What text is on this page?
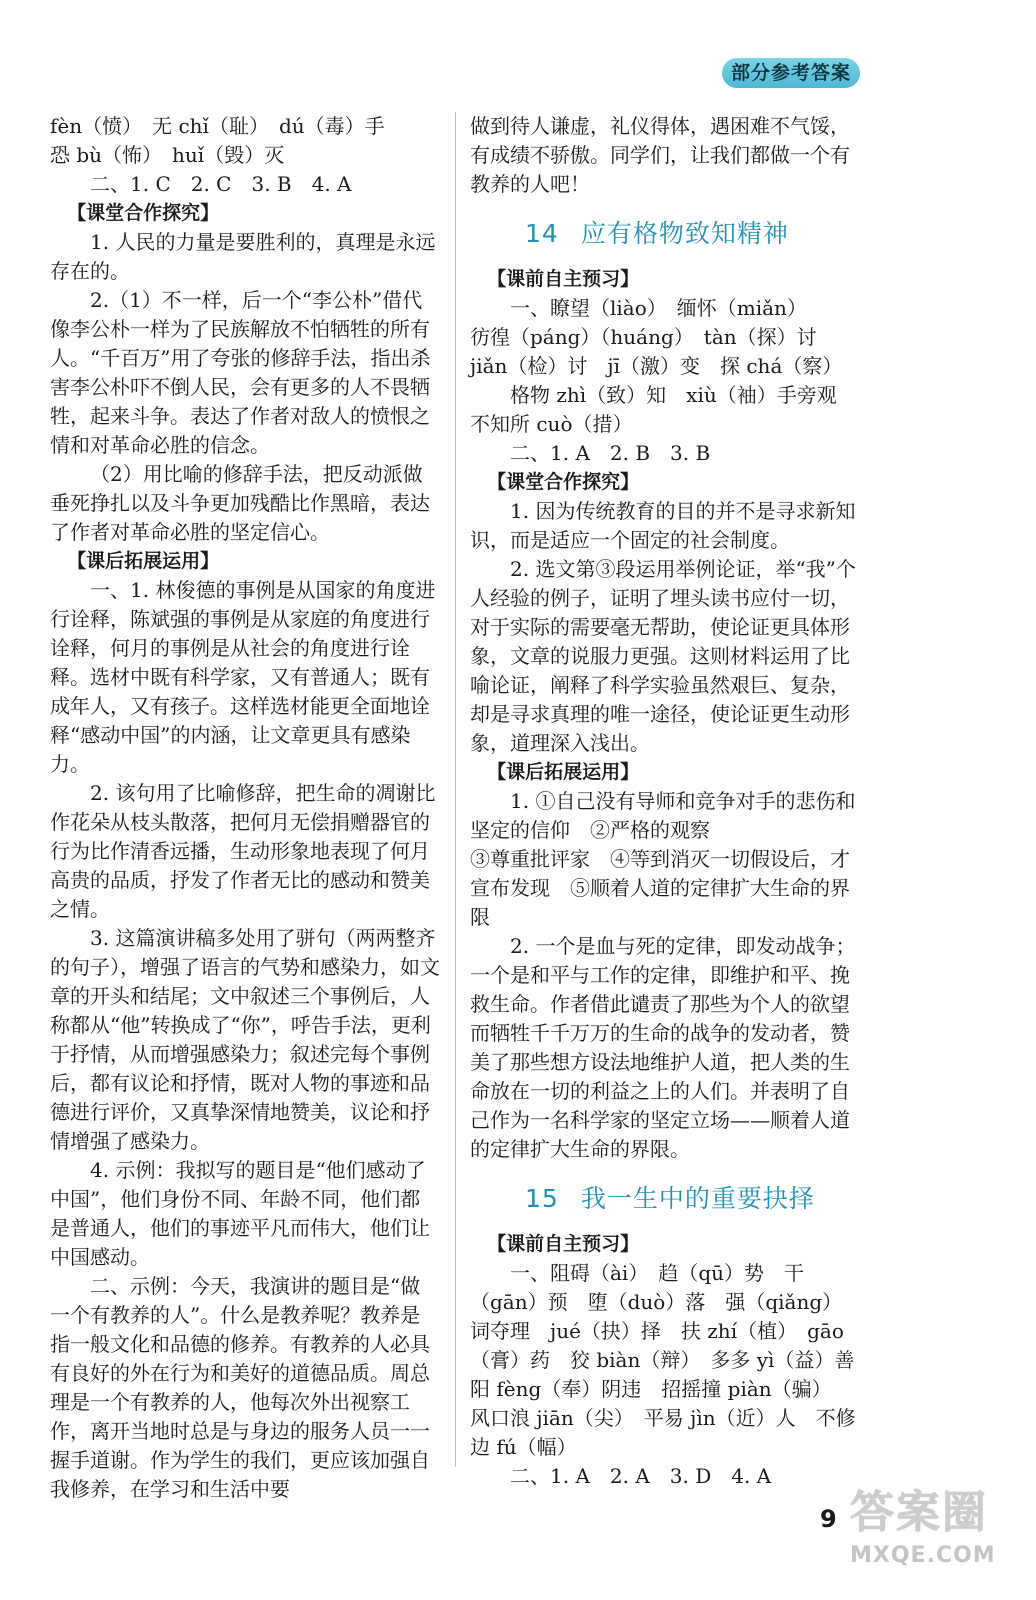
部分参考答案

fèn（愤）　无 chǐ（耻）　dú（毒）手

恐 bù（怖）　huǐ（毁）灭

二、1. C　2. C　3. B　4. A

【课堂合作探究】

1. 人民的力量是要胜利的，真理是永远存在的。

2.（1）不一样，后一个“李公朴”借代像李公朴一样为了民族解放不怕牺牲的所有人。“千百万”用了夸张的修辞手法，指出杀害李公朴吓不倒人民，会有更多的人不畏牺牲，起来斗争。表达了作者对敌人的愤恨之情和对革命必胜的信念。

（2）用比喻的修辞手法，把反动派做垂死挣扎以及斗争更加残酷比作黑暗，表达了作者对革命必胜的坚定信心。

【课后拓展运用】

一、1. 林俊德的事例是从国家的角度进行诠释，陈斌强的事例是从家庭的角度进行诠释，何月的事例是从社会的角度进行诠释。选材中既有科学家，又有普通人；既有成年人，又有孩子。这样选材能更全面地诠释“感动中国”的内涵，让文章更具有感染力。

2. 该句用了比喻修辞，把生命的凋谢比作花朵从枝头散落，把何月无偿捐赠器官的行为比作清香远播，生动形象地表现了何月高贵的品质，抒发了作者无比的感动和赞美之情。

3. 这篇演讲稿多处用了骈句（两两整齐的句子），增强了语言的气势和感染力，如文章的开头和结尾；文中叙述三个事例后，人称都从“他”转换成了“你”，呼告手法，更利于抒情，从而增强感染力；叙述完每个事例后，都有议论和抒情，既对人物的事迹和品德进行评价，又真挚深情地赞美，议论和抒情增强了感染力。

4. 示例：我拟写的题目是“他们感动了中国”，他们身份不同、年龄不同，他们都是普通人，他们的事迹平凡而伟大，他们让中国感动。

二、示例：今天，我演讲的题目是“做一个有教养的人”。什么是教养呢？教养是指一般文化和品德的修养。有教养的人必具有良好的外在行为和美好的道德品质。周总理是一个有教养的人，他每次外出视察工作，离开当地时总是与身边的服务人员一一握手道谢。作为学生的我们，更应该加强自我修养，在学习和生活中要

做到待人谦虚，礼仪得体，遇困难不气馁，有成绩不骄傲。同学们，让我们都做一个有教养的人吧！

14 应有格物致知精神

【课前自主预习】

一、瞭望（liào）　缅怀（miǎn）

彷徨（páng）（huáng）　tàn（探）讨

jiǎn（检）讨　jī（激）变　探 chá（察）

格物 zhì（致）知　xiù（袖）手旁观　不知所 cuò（措）

二、1. A　2. B　3. B

【课堂合作探究】

1. 因为传统教育的目的并不是寻求新知识，而是适应一个固定的社会制度。

2. 选文第③段运用举例论证，举“我”个人经验的例子，证明了埋头读书应付一切，对于实际的需要毫无帮助，使论证更具体形象，文章的说服力更强。这则材料运用了比喻论证，阐释了科学实验虽然艰巨、复杂，却是寻求真理的唯一途径，使论证更生动形象，道理深入浅出。

【课后拓展运用】

1. ①自己没有导师和竞争对手的悲伤和坚定的信仰　②严格的观察

③尊重批评家　④等到消灭一切假设后，才宣布发现　⑤顺着人道的定律扩大生命的界限

2. 一个是血与死的定律，即发动战争；一个是和平与工作的定律，即维护和平、挽救生命。作者借此谴责了那些为个人的欲望而牺牲千千万万的生命的战争的发动者，赞美了那些想方设法地维护人道，把人类的生命放在一切的利益之上的人们。并表明了自己作为一名科学家的坚定立场——顺着人道的定律扩大生命的界限。

15 我一生中的重要抉择

【课前自主预习】

一、阻碍（ài）　趋（qū）势　干（gān）预　堕（duò）落　强（qiǎng）词夺理　jué（抉）择　扶 zhí（植）　gāo（膏）药　狡 biàn（辩）　多多 yì（益）善　阳 fèng（奉）阴违　招摇撞 piàn（骗）　风口浪 jiān（尖）　平易 jìn（近）人　不修边 fú（幅）

二、1. A　2. A　3. D　4. A

9 答案圈
MXQE.COM
